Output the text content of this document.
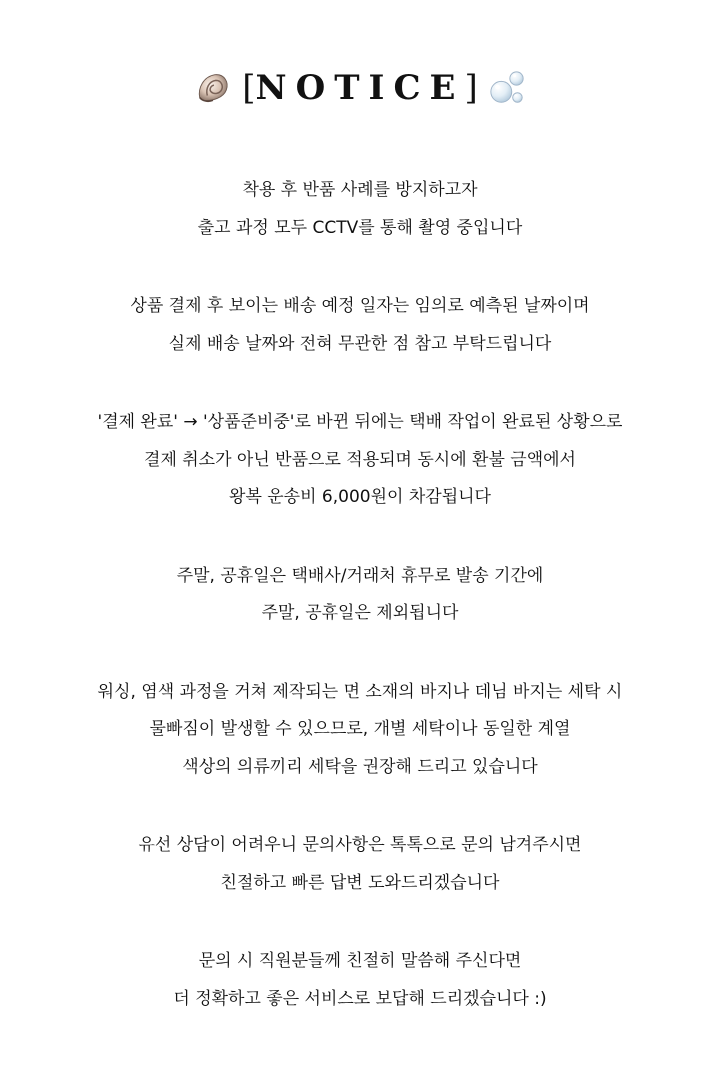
[NOTICE]
착용 후 반품 사례를 방지하고자
출고 과정 모두 CCTV를 통해 촬영 중입니다
상품 결제 후 보이는 배송 예정 일자는 임의로 예측된 날짜이며
실제 배송 날짜와 전혀 무관한 점 참고 부탁드립니다
'결제 완료' → '상품준비중'로 바뀐 뒤에는 택배 작업이 완료된 상황으로
결제 취소가 아닌 반품으로 적용되며 동시에 환불 금액에서
왕복 운송비 6,000원이 차감됩니다
주말, 공휴일은 택배사/거래처 휴무로 발송 기간에
주말, 공휴일은 제외됩니다
워싱, 염색 과정을 거쳐 제작되는 면 소재의 바지나 데님 바지는 세탁 시
물빠짐이 발생할 수 있으므로, 개별 세탁이나 동일한 계열
색상의 의류끼리 세탁을 권장해 드리고 있습니다
유선 상담이 어려우니 문의사항은 톡톡으로 문의 남겨주시면
친절하고 빠른 답변 도와드리겠습니다
문의 시 직원분들께 친절히 말씀해 주신다면
더 정확하고 좋은 서비스로 보답해 드리겠습니다 :)
